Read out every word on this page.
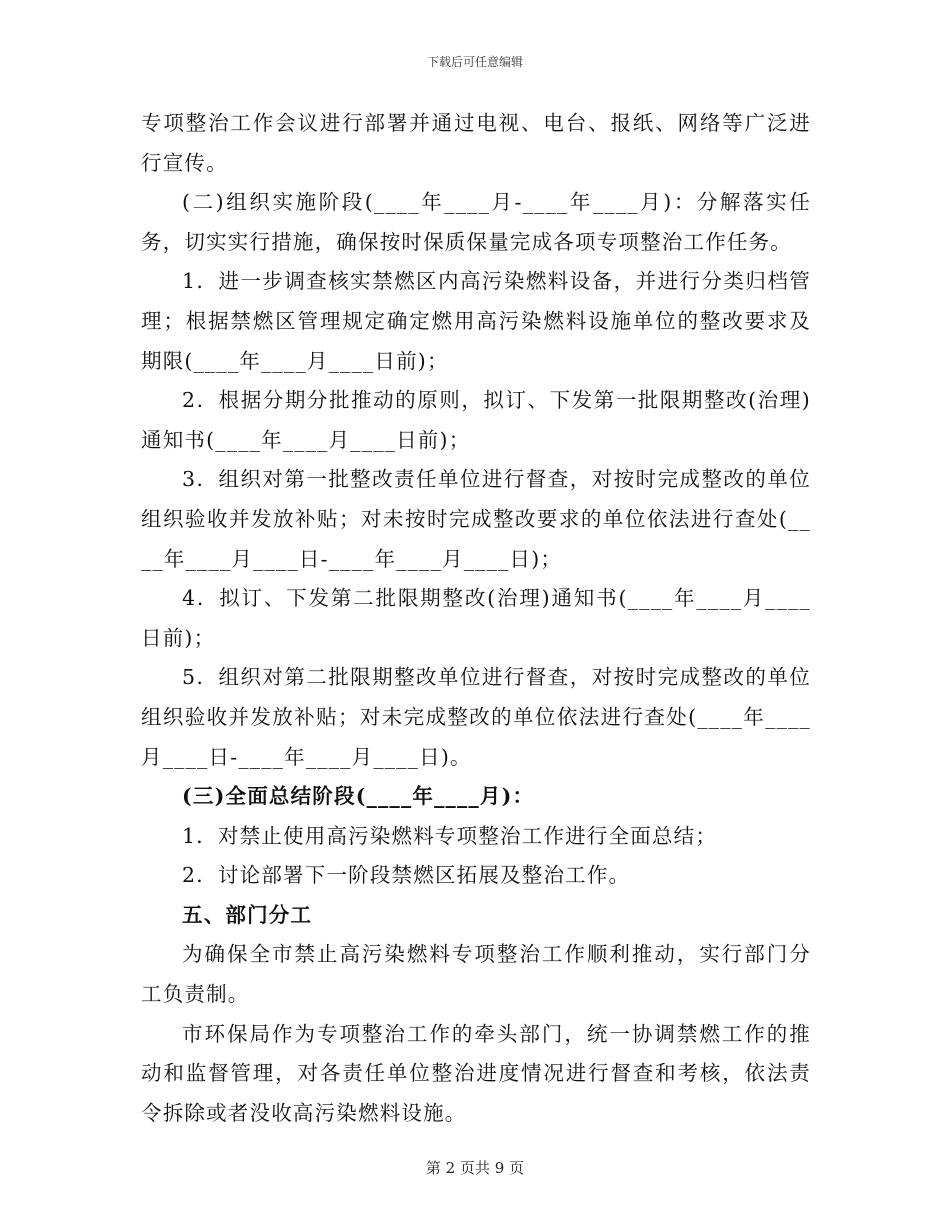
下载后可任意编辑

专项整治工作会议进行部署并通过电视、电台、报纸、网络等广泛进行宣传。

(二)组织实施阶段(____年____月-____年____月)：分解落实任务，切实实行措施，确保按时保质保量完成各项专项整治工作任务。

1．进一步调查核实禁燃区内高污染燃料设备，并进行分类归档管理；根据禁燃区管理规定确定燃用高污染燃料设施单位的整改要求及期限(____年____月____日前)；

2．根据分期分批推动的原则，拟订、下发第一批限期整改(治理)通知书(____年____月____日前)；

3．组织对第一批整改责任单位进行督查，对按时完成整改的单位组织验收并发放补贴；对未按时完成整改要求的单位依法进行查处(____年____月____日-____年____月____日)；

4．拟订、下发第二批限期整改(治理)通知书(____年____月____日前)；

5．组织对第二批限期整改单位进行督查，对按时完成整改的单位组织验收并发放补贴；对未完成整改的单位依法进行查处(____年____月____日-____年____月____日)。

(三)全面总结阶段(____年____月)：

1．对禁止使用高污染燃料专项整治工作进行全面总结；

2．讨论部署下一阶段禁燃区拓展及整治工作。

五、部门分工

为确保全市禁止高污染燃料专项整治工作顺利推动，实行部门分工负责制。

市环保局作为专项整治工作的牵头部门，统一协调禁燃工作的推动和监督管理，对各责任单位整治进度情况进行督查和考核，依法责令拆除或者没收高污染燃料设施。

第 2 页共 9 页
